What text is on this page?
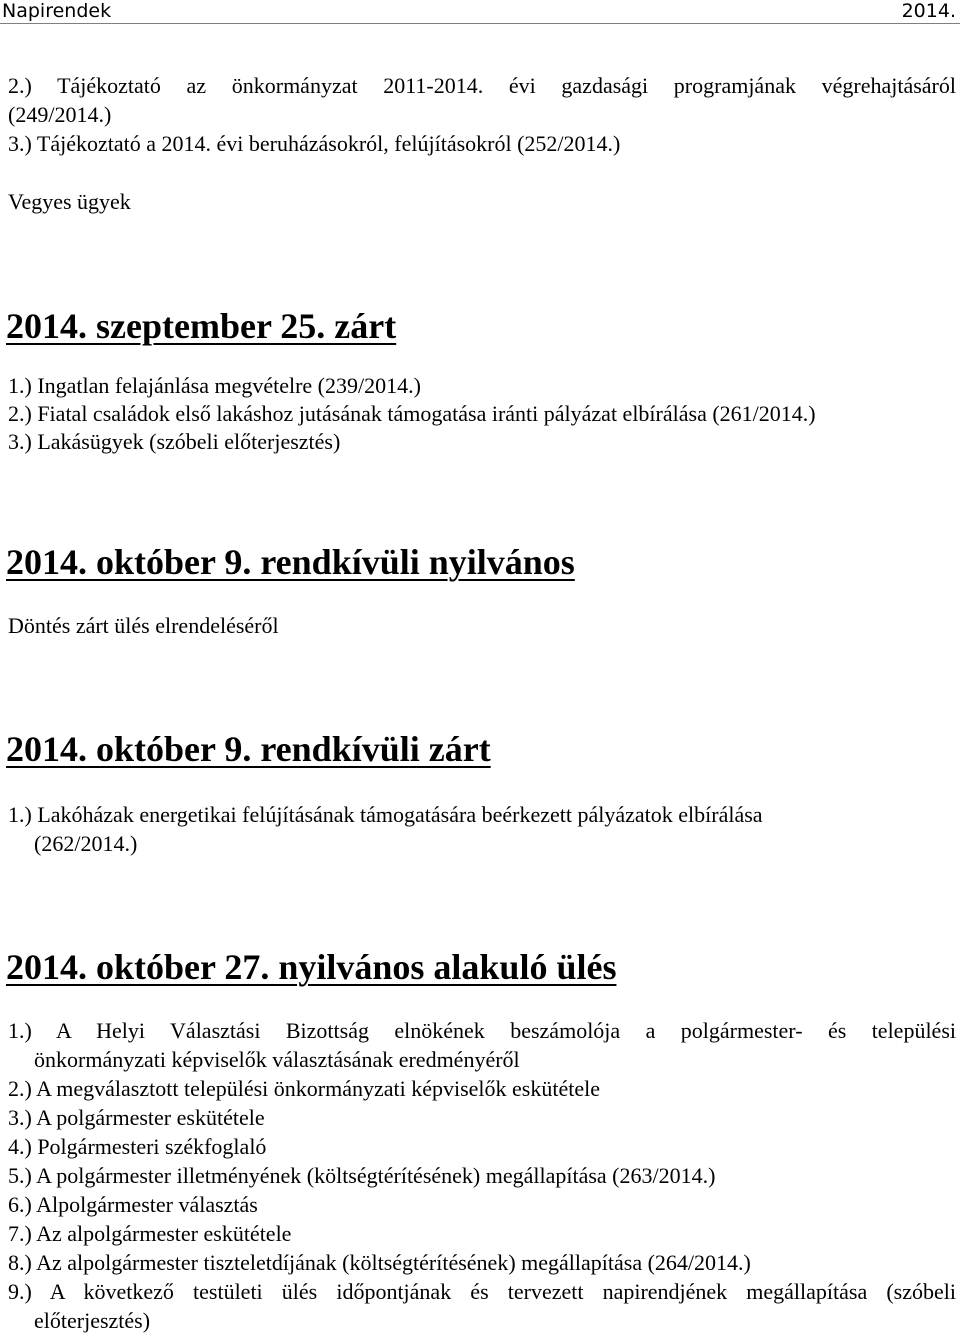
Napirendek	2014.
2.) Tájékoztató az önkormányzat 2011-2014. évi gazdasági programjának végrehajtásáról
(249/2014.)
3.) Tájékoztató a 2014. évi beruházásokról, felújításokról (252/2014.)
Vegyes ügyek
2014. szeptember 25. zárt
1.) Ingatlan felajánlása megvételre (239/2014.)
2.) Fiatal családok első lakáshoz jutásának támogatása iránti pályázat elbírálása (261/2014.)
3.) Lakásügyek (szóbeli előterjesztés)
2014. október 9. rendkívüli nyilvános
Döntés zárt ülés elrendeléséről
2014. október 9. rendkívüli zárt
1.) Lakóházak energetikai felújításának támogatására beérkezett pályázatok elbírálása
(262/2014.)
2014. október 27. nyilvános alakuló ülés
1.) A Helyi Választási Bizottság elnökének beszámolója a polgármester- és települési
önkormányzati képviselők választásának eredményéről
2.) A megválasztott települési önkormányzati képviselők eskütétele
3.) A polgármester eskütétele
4.) Polgármesteri székfoglaló
5.) A polgármester illetményének (költségtérítésének) megállapítása (263/2014.)
6.) Alpolgármester választás
7.) Az alpolgármester eskütétele
8.) Az alpolgármester tiszteletdíjának (költségtérítésének) megállapítása (264/2014.)
9.) A következő testületi ülés időpontjának és tervezett napirendjének megállapítása (szóbeli
előterjesztés)
